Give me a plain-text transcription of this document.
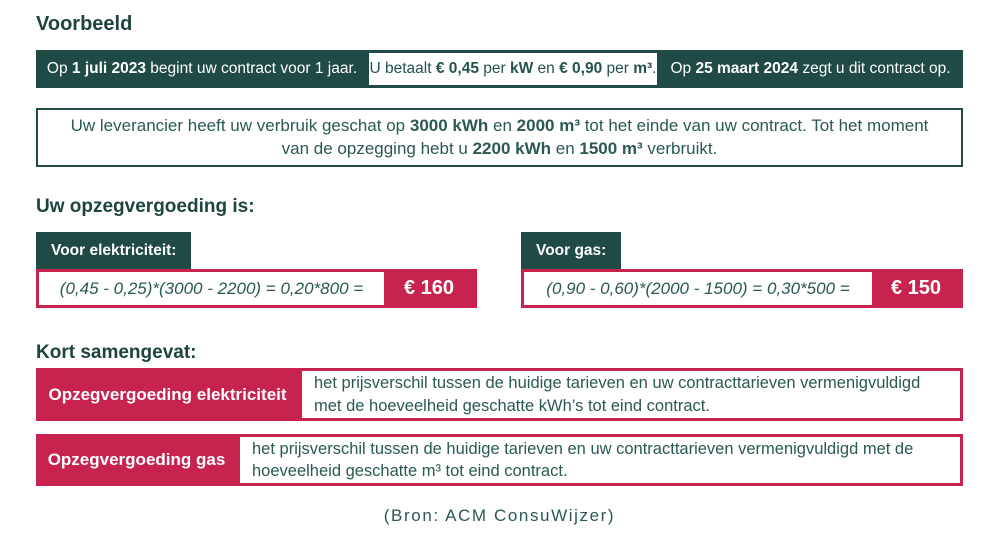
Voorbeeld
Op 1 juli 2023 begint uw contract voor 1 jaar. U betaalt € 0,45 per kW en € 0,90 per m³. Op 25 maart 2024 zegt u dit contract op.
Uw leverancier heeft uw verbruik geschat op 3000 kWh en 2000 m³ tot het einde van uw contract. Tot het moment van de opzegging hebt u 2200 kWh en 1500 m³ verbruikt.
Uw opzegvergoeding is:
Voor elektriciteit:
(0,45 - 0,25)*(3000 - 2200) = 0,20*800 =	€ 160
Voor gas:
(0,90 - 0,60)*(2000 - 1500) = 0,30*500 =	€ 150
Kort samengevat:
Opzegvergoeding elektriciteit
het prijsverschil tussen de huidige tarieven en uw contracttarieven vermenigvuldigd met de hoeveelheid geschatte kWh’s tot eind contract.
Opzegvergoeding gas
het prijsverschil tussen de huidige tarieven en uw contracttarieven vermenigvuldigd met de hoeveelheid geschatte m³ tot eind contract.
(Bron: ACM ConsuWijzer)
